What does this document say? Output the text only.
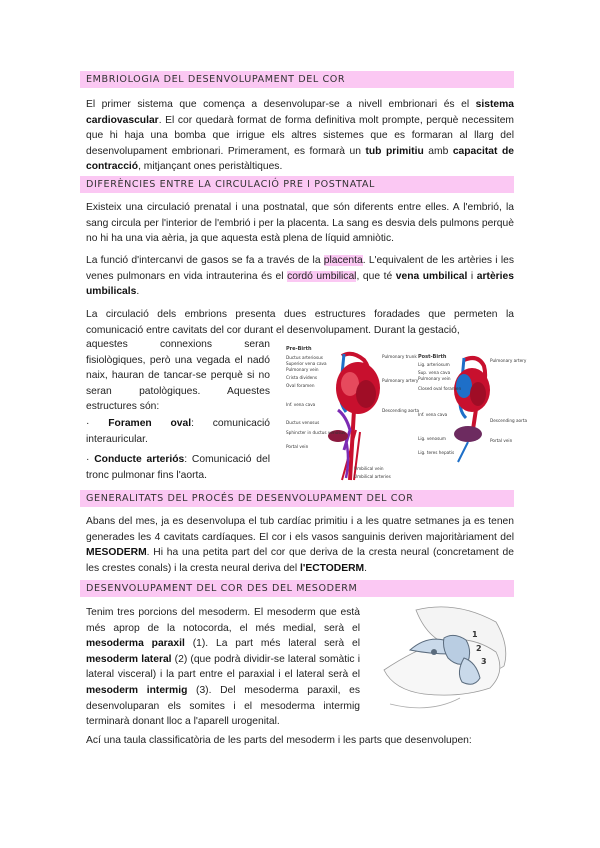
EMBRIOLOGIA DEL DESENVOLUPAMENT DEL COR
El primer sistema que comença a desenvolupar-se a nivell embrionari és el sistema cardiovascular. El cor quedarà format de forma definitiva molt prompte, perquè necessitem que hi haja una bomba que irrigue els altres sistemes que es formaran al llarg del desenvolupament embrionari. Primerament, es formarà un tub primitiu amb capacitat de contracció, mitjançant ones peristàltiques.
DIFERÈNCIES ENTRE LA CIRCULACIÓ PRE I POSTNATAL
Existeix una circulació prenatal i una postnatal, que són diferents entre elles. A l'embrió, la sang circula per l'interior de l'embrió i per la placenta. La sang es desvia dels pulmons perquè no hi ha una via aèria, ja que aquesta està plena de líquid amniòtic.
La funció d'intercanvi de gasos se fa a través de la placenta. L'equivalent de les artèries i les venes pulmonars en vida intrauterina és el cordó umbilical, que té vena umbilical i artèries umbilicals.
La circulació dels embrions presenta dues estructures foradades que permeten la comunicació entre cavitats del cor durant el desenvolupament. Durant la gestació,
aquestes connexions seran fisiològiques, però una vegada el nadó naix, hauran de tancar-se perquè si no seran patològiques. Aquestes estructures són:
· Foramen oval: comunicació interauricular.
· Conducte arteriós: Comunicació del tronc pulmonar fins l'aorta.
Pre-Birth
Ductus arteriosus
Superior vena cava
Pulmonary vein
Crista dividens
Oval foramen
Inf. vena cava
Ductus venosus
Sphincter in ductus venosus
Portal vein
Descending aorta
Pulmonary trunk
Pulmonary artery
Umbilical vein
Umbilical arteries
Post-Birth
Lig. arteriosum
Sup. vena cava
Pulmonary vein
Closed oval foramen
Inf. vena cava
Lig. venosum
Lig. teres hepatis
Pulmonary artery
Descending aorta
Portal vein
GENERALITATS DEL PROCÉS DE DESENVOLUPAMENT DEL COR
Abans del mes, ja es desenvolupa el tub cardíac primitiu i a les quatre setmanes ja es tenen generades les 4 cavitats cardíaques. El cor i els vasos sanguinis deriven majoritàriament del MESODERM. Hi ha una petita part del cor que deriva de la cresta neural (concretament de les crestes conals) i la cresta neural deriva del l'ECTODERM.
DESENVOLUPAMENT DEL COR DES DEL MESODERM
Tenim tres porcions del mesoderm. El mesoderm que està més aprop de la notocorda, el més medial, serà el mesoderma paraxil (1). La part més lateral serà el mesoderm lateral (2) (que podrà dividir-se lateral somàtic i lateral visceral) i la part entre el paraxial i el lateral serà el mesoderm intermig (3). Del mesoderma paraxil, es desenvoluparan els somites i el mesoderma intermig terminarà donant lloc a l'aparell urogenital.
1
2
3
Ací una taula classificatòria de les parts del mesoderm i les parts que desenvolupen:
